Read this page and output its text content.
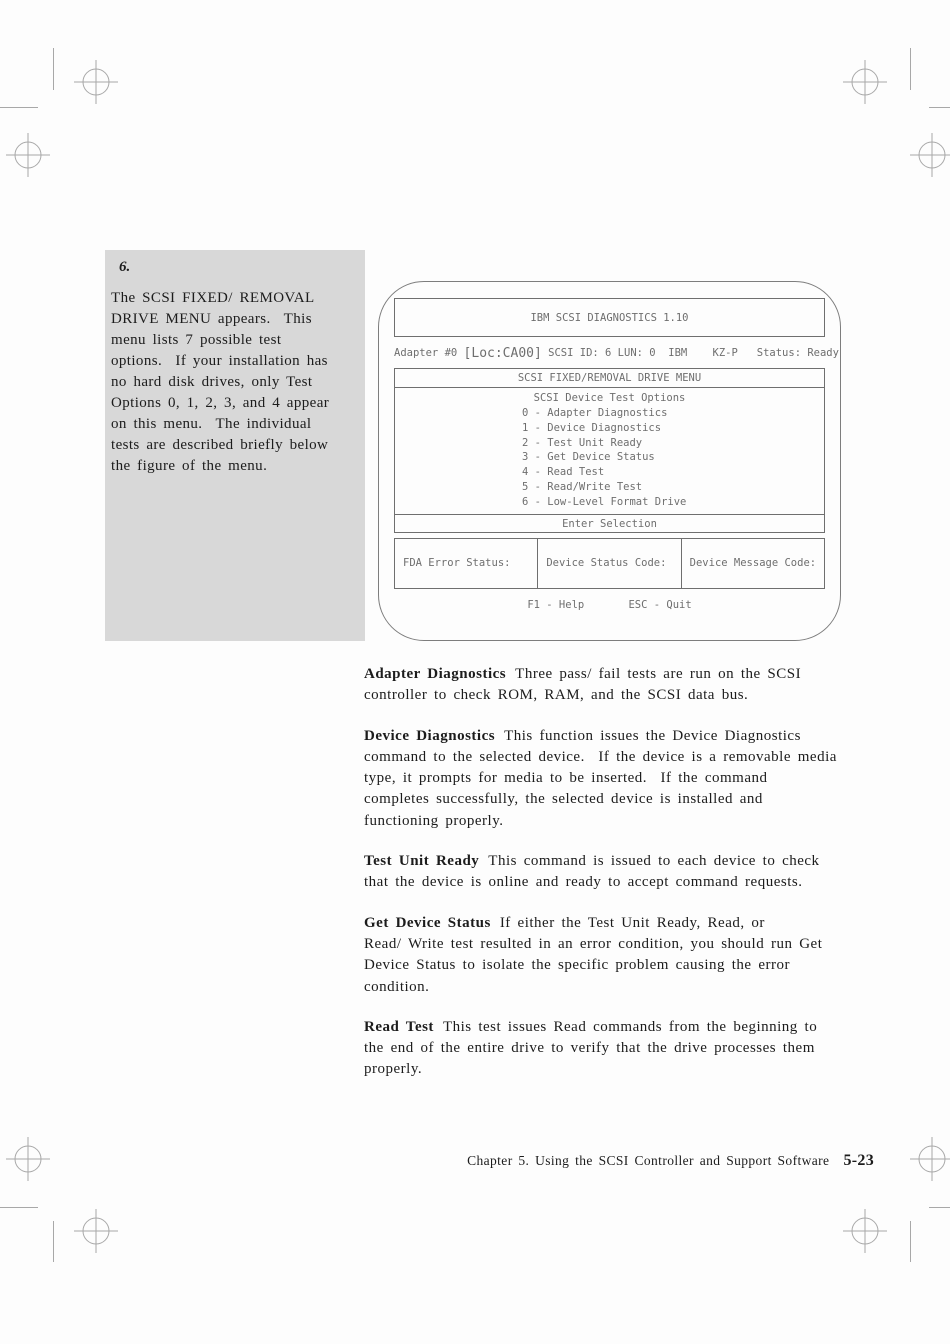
6.
The SCSI FIXED/ REMOVAL
DRIVE MENU appears.  This
menu lists 7 possible test
options.  If your installation has
no hard disk drives, only Test
Options 0, 1, 2, 3, and 4 appear
on this menu.  The individual
tests are described briefly below
the figure of the menu.
IBM SCSI DIAGNOSTICS 1.10
Adapter #0 [Loc:CA00] SCSI ID: 6 LUN: 0  IBM    KZ-P   Status: Ready
SCSI FIXED/REMOVAL DRIVE MENU
SCSI Device Test Options
0 - Adapter Diagnostics
1 - Device Diagnostics
2 - Test Unit Ready
3 - Get Device Status
4 - Read Test
5 - Read/Write Test
6 - Low-Level Format Drive
Enter Selection
FDA Error Status:	Device Status Code:	Device Message Code:
F1 - Help       ESC - Quit
Adapter Diagnostics Three pass/ fail tests are run on the SCSI
controller to check ROM, RAM, and the SCSI data bus.
Device Diagnostics This function issues the Device Diagnostics
command to the selected device.  If the device is a removable media
type, it prompts for media to be inserted.  If the command
completes successfully, the selected device is installed and
functioning properly.
Test Unit Ready This command is issued to each device to check
that the device is online and ready to accept command requests.
Get Device Status If either the Test Unit Ready, Read, or
Read/ Write test resulted in an error condition, you should run Get
Device Status to isolate the specific problem causing the error
condition.
Read Test This test issues Read commands from the beginning to
the end of the entire drive to verify that the drive processes them
properly.
Chapter 5. Using the SCSI Controller and Support Software 5-23
